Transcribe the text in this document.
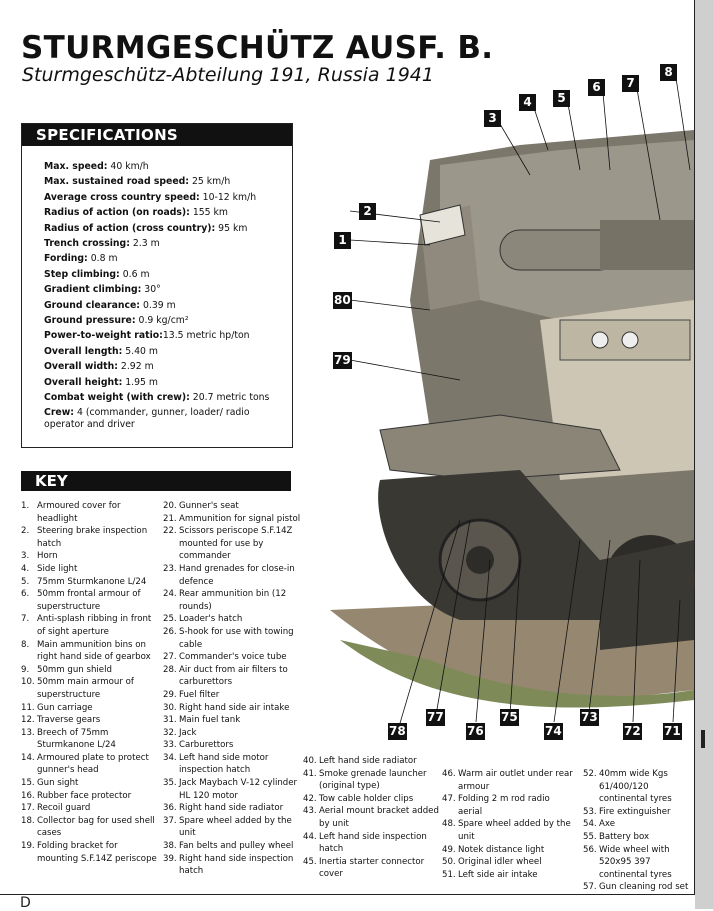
STURMGESCHÜTZ AUSF. B.

Sturmgeschütz-Abteilung 191, Russia 1941

1
2
3
4	5
6	7
8
80
79
78
77
76
75
74
73
72 71
SPECIFICATIONS
Max. speed: 40 km/h
Max. sustained road speed: 25 km/h
Average cross country speed: 10-12 km/h
Radius of action (on roads): 155 km
Radius of action (cross country): 95 km
Trench crossing: 2.3 m
Fording: 0.8 m
Step climbing: 0.6 m
Gradient climbing: 30°
Ground clearance: 0.39 m
Ground pressure: 0.9 kg/cm²
Power-to-weight ratio:13.5 metric hp/ton
Overall length: 5.40 m
Overall width: 2.92 m
Overall height: 1.95 m
Combat weight (with crew): 20.7 metric tons
Crew: 4 (commander, gunner, loader/ radio operator and driver
KEY
1. Armoured cover for headlight
2. Steering brake inspection hatch
3. Horn
4. Side light
5. 75mm Sturmkanone L/24
6. 50mm frontal armour of superstructure
7. Anti-splash ribbing in front of sight aperture
8. Main ammunition bins on right hand side of gearbox
9. 50mm gun shield
10. 50mm main armour of superstructure
11. Gun carriage
12. Traverse gears
13. Breech of 75mm Sturmkanone L/24
14. Armoured plate to protect gunner's head
15. Gun sight
16. Rubber face protector
17. Recoil guard
18. Collector bag for used shell cases
19. Folding bracket for mounting S.F.14Z periscope
20. Gunner's seat
21. Ammunition for signal pistol
22. Scissors periscope S.F.14Z mounted for use by commander
23. Hand grenades for close-in defence
24. Rear ammunition bin (12 rounds)
25. Loader's hatch
26. S-hook for use with towing cable
27. Commander's voice tube
28. Air duct from air filters to carburettors
29. Fuel filter
30. Right hand side air intake
31. Main fuel tank
32. Jack
33. Carburettors
34. Left hand side motor inspection hatch
35. Jack Maybach V-12 cylinder HL 120 motor
36. Right hand side radiator
37. Spare wheel added by the unit
38. Fan belts and pulley wheel
39. Right hand side inspection hatch
40. Left hand side radiator
41. Smoke grenade launcher (original type)
42. Tow cable holder clips
43. Aerial mount bracket added by unit
44. Left hand side inspection hatch
45. Inertia starter connector cover
46. Warm air outlet under rear armour
47. Folding 2 m rod radio aerial
48. Spare wheel added by the unit
49. Notek distance light
50. Original idler wheel
51. Left side air intake
52. 40mm wide Kgs 61/400/120 continental tyres
53. Fire extinguisher
54. Axe
55. Battery box
56. Wide wheel with 520x95 397 continental tyres
57. Gun cleaning rod set
D
